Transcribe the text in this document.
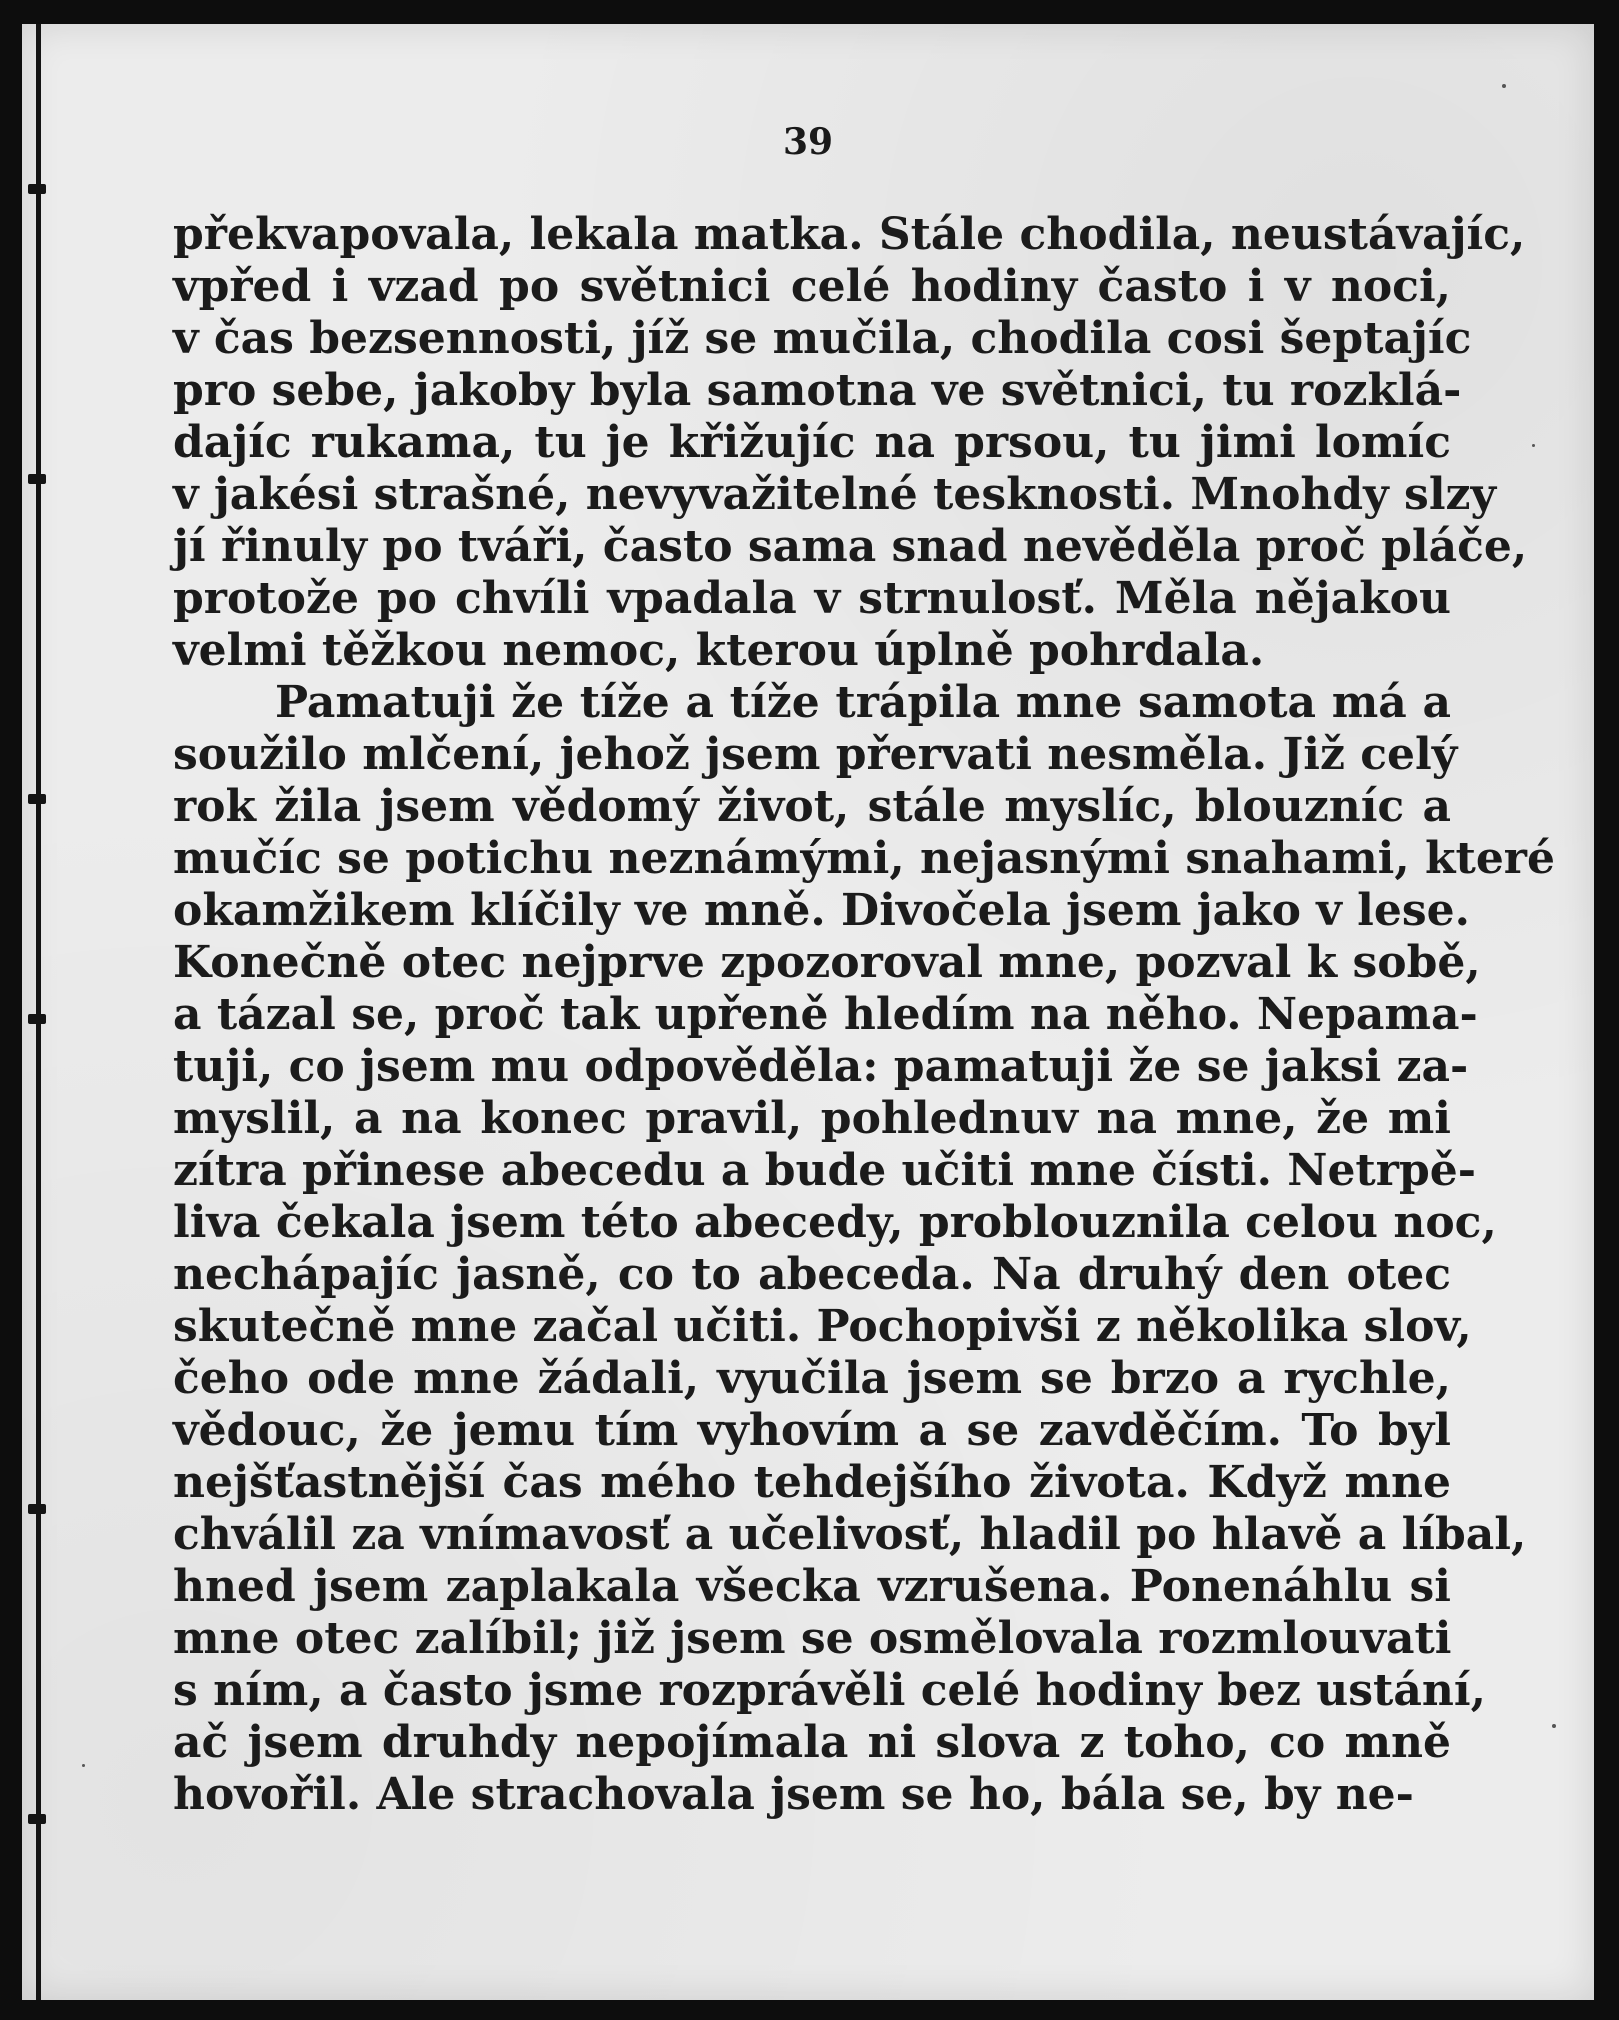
39
překvapovala, lekala matka. Stále chodila, neustávajíc,
vpřed i vzad po světnici celé hodiny často i v noci,
v čas bezsennosti, jíž se mučila, chodila cosi šeptajíc
pro sebe, jakoby byla samotna ve světnici, tu rozklá-
dajíc rukama, tu je křižujíc na prsou, tu jimi lomíc
v jakési strašné, nevyvažitelné tesknosti. Mnohdy slzy
jí řinuly po tváři, často sama snad nevěděla proč pláče,
protože po chvíli vpadala v strnulosť. Měla nějakou
velmi těžkou nemoc, kterou úplně pohrdala.
Pamatuji že tíže a tíže trápila mne samota má a
soužilo mlčení, jehož jsem přervati nesměla. Již celý
rok žila jsem vědomý život, stále myslíc, blouzníc a
mučíc se potichu neznámými, nejasnými snahami, které
okamžikem klíčily ve mně. Divočela jsem jako v lese.
Konečně otec nejprve zpozoroval mne, pozval k sobě,
a tázal se, proč tak upřeně hledím na něho. Nepama-
tuji, co jsem mu odpověděla: pamatuji že se jaksi za-
myslil, a na konec pravil, pohlednuv na mne, že mi
zítra přinese abecedu a bude učiti mne čísti. Netrpě-
liva čekala jsem této abecedy, problouznila celou noc,
nechápajíc jasně, co to abeceda. Na druhý den otec
skutečně mne začal učiti. Pochopivši z několika slov,
čeho ode mne žádali, vyučila jsem se brzo a rychle,
vědouc, že jemu tím vyhovím a se zavděčím. To byl
nejšťastnější čas mého tehdejšího života. Když mne
chválil za vnímavosť a učelivosť, hladil po hlavě a líbal,
hned jsem zaplakala všecka vzrušena. Ponenáhlu si
mne otec zalíbil; již jsem se osmělovala rozmlouvati
s ním, a často jsme rozprávěli celé hodiny bez ustání,
ač jsem druhdy nepojímala ni slova z toho, co mně
hovořil. Ale strachovala jsem se ho, bála se, by ne-
